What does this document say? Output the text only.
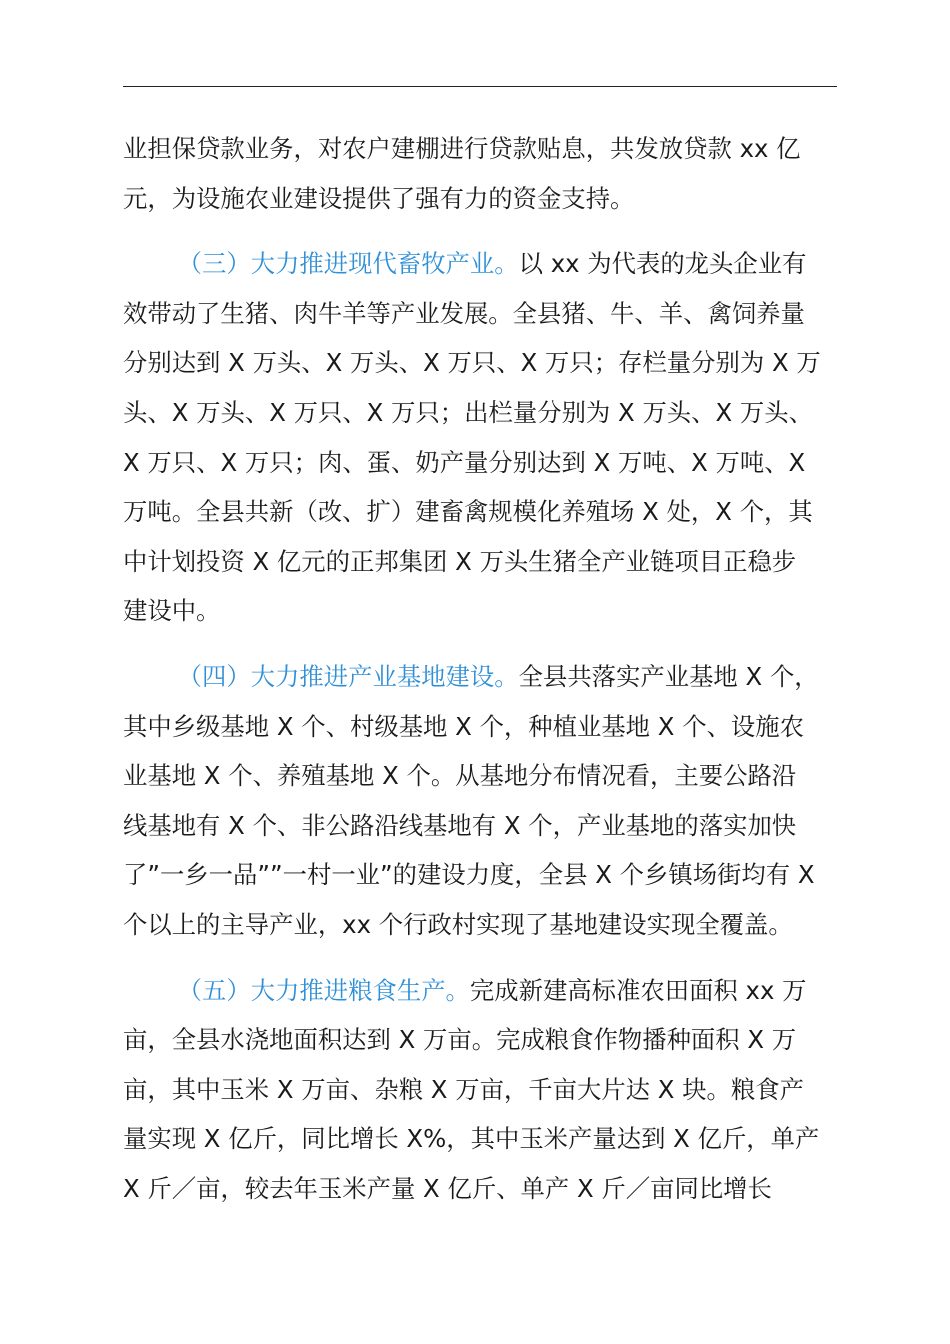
业担保贷款业务，对农户建棚进行贷款贴息，共发放贷款 xx 亿
元，为设施农业建设提供了强有力的资金支持。
（三）大力推进现代畜牧产业。以 xx 为代表的龙头企业有
效带动了生猪、肉牛羊等产业发展。全县猪、牛、羊、禽饲养量
分别达到 X 万头、X 万头、X 万只、X 万只；存栏量分别为 X 万
头、X 万头、X 万只、X 万只；出栏量分别为 X 万头、X 万头、
X 万只、X 万只；肉、蛋、奶产量分别达到 X 万吨、X 万吨、X
万吨。全县共新（改、扩）建畜禽规模化养殖场 X 处，X 个，其
中计划投资 X 亿元的正邦集团 X 万头生猪全产业链项目正稳步
建设中。
（四）大力推进产业基地建设。全县共落实产业基地 X 个，
其中乡级基地 X 个、村级基地 X 个，种植业基地 X 个、设施农
业基地 X 个、养殖基地 X 个。从基地分布情况看，主要公路沿
线基地有 X 个、非公路沿线基地有 X 个，产业基地的落实加快
了”一乡一品””一村一业”的建设力度，全县 X 个乡镇场街均有 X
个以上的主导产业，xx 个行政村实现了基地建设实现全覆盖。
（五）大力推进粮食生产。完成新建高标准农田面积 xx 万
亩，全县水浇地面积达到 X 万亩。完成粮食作物播种面积 X 万
亩，其中玉米 X 万亩、杂粮 X 万亩，千亩大片达 X 块。粮食产
量实现 X 亿斤，同比增长 X%，其中玉米产量达到 X 亿斤，单产
X 斤／亩，较去年玉米产量 X 亿斤、单产 X 斤／亩同比增长
